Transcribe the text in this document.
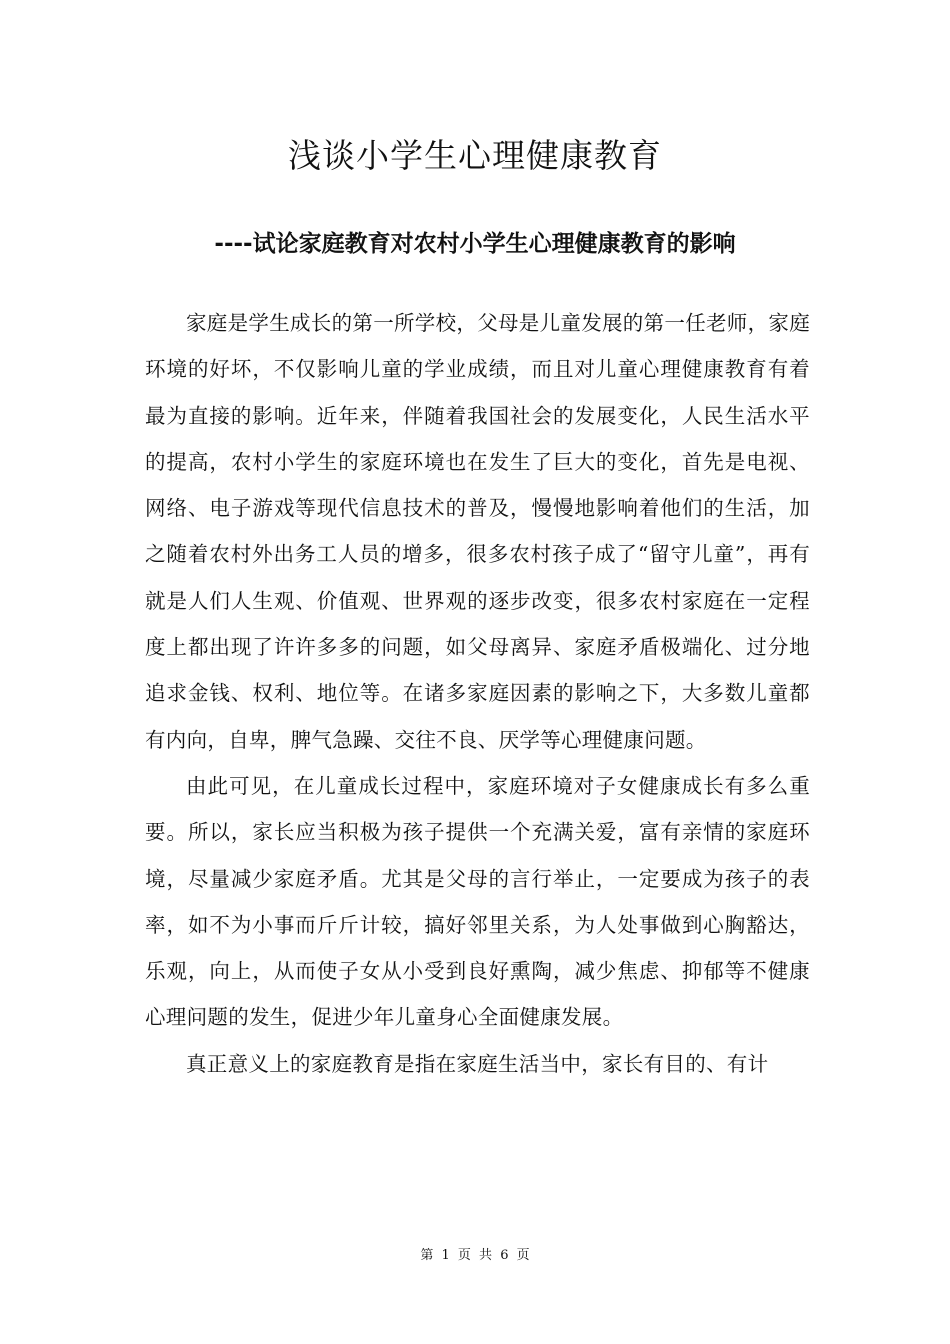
浅谈小学生心理健康教育
----试论家庭教育对农村小学生心理健康教育的影响

家庭是学生成长的第一所学校，父母是儿童发展的第一任老师，家庭环境的好坏，不仅影响儿童的学业成绩，而且对儿童心理健康教育有着最为直接的影响。近年来，伴随着我国社会的发展变化，人民生活水平的提高，农村小学生的家庭环境也在发生了巨大的变化，首先是电视、网络、电子游戏等现代信息技术的普及，慢慢地影响着他们的生活，加之随着农村外出务工人员的增多，很多农村孩子成了“留守儿童”，再有就是人们人生观、价值观、世界观的逐步改变，很多农村家庭在一定程度上都出现了许许多多的问题，如父母离异、家庭矛盾极端化、过分地追求金钱、权利、地位等。在诸多家庭因素的影响之下，大多数儿童都有内向，自卑，脾气急躁、交往不良、厌学等心理健康问题。

由此可见，在儿童成长过程中，家庭环境对子女健康成长有多么重要。所以，家长应当积极为孩子提供一个充满关爱，富有亲情的家庭环境，尽量减少家庭矛盾。尤其是父母的言行举止，一定要成为孩子的表率，如不为小事而斤斤计较，搞好邻里关系，为人处事做到心胸豁达，乐观，向上，从而使子女从小受到良好熏陶，减少焦虑、抑郁等不健康心理问题的发生，促进少年儿童身心全面健康发展。

真正意义上的家庭教育是指在家庭生活当中，家长有目的、有计

第 1 页 共 6 页
